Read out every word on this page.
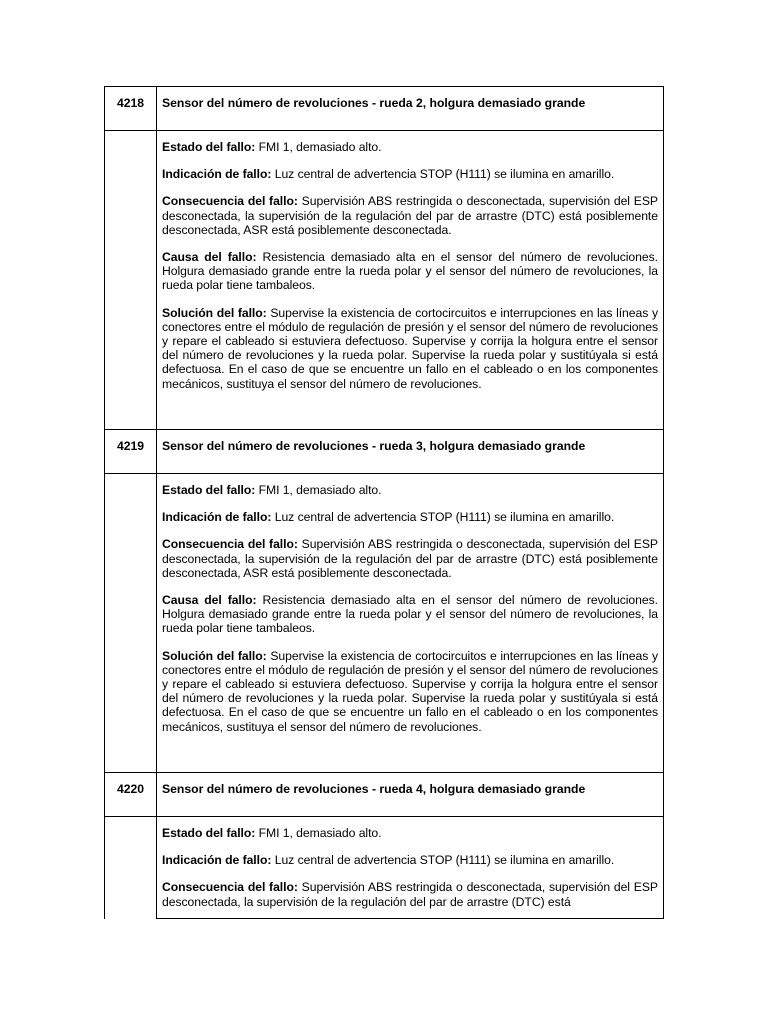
4218	Sensor del número de revoluciones - rueda 2, holgura demasiado grande

	Estado del fallo: FMI 1, demasiado alto.

Indicación de fallo: Luz central de advertencia STOP (H111) se ilumina en amarillo.

Consecuencia del fallo: Supervisión ABS restringida o desconectada, supervisión del ESP desconectada, la supervisión de la regulación del par de arrastre (DTC) está posiblemente desconectada, ASR está posiblemente desconectada.

Causa del fallo: Resistencia demasiado alta en el sensor del número de revoluciones. Holgura demasiado grande entre la rueda polar y el sensor del número de revoluciones, la rueda polar tiene tambaleos.

Solución del fallo: Supervise la existencia de cortocircuitos e interrupciones en las líneas y conectores entre el módulo de regulación de presión y el sensor del número de revoluciones y repare el cableado si estuviera defectuoso. Supervise y corrija la holgura entre el sensor del número de revoluciones y la rueda polar. Supervise la rueda polar y sustitúyala si está defectuosa. En el caso de que se encuentre un fallo en el cableado o en los componentes mecánicos, sustituya el sensor del número de revoluciones.

4219	Sensor del número de revoluciones - rueda 3, holgura demasiado grande

	Estado del fallo: FMI 1, demasiado alto.

Indicación de fallo: Luz central de advertencia STOP (H111) se ilumina en amarillo.

Consecuencia del fallo: Supervisión ABS restringida o desconectada, supervisión del ESP desconectada, la supervisión de la regulación del par de arrastre (DTC) está posiblemente desconectada, ASR está posiblemente desconectada.

Causa del fallo: Resistencia demasiado alta en el sensor del número de revoluciones. Holgura demasiado grande entre la rueda polar y el sensor del número de revoluciones, la rueda polar tiene tambaleos.

Solución del fallo: Supervise la existencia de cortocircuitos e interrupciones en las líneas y conectores entre el módulo de regulación de presión y el sensor del número de revoluciones y repare el cableado si estuviera defectuoso. Supervise y corrija la holgura entre el sensor del número de revoluciones y la rueda polar. Supervise la rueda polar y sustitúyala si está defectuosa. En el caso de que se encuentre un fallo en el cableado o en los componentes mecánicos, sustituya el sensor del número de revoluciones.

4220	Sensor del número de revoluciones - rueda 4, holgura demasiado grande

	Estado del fallo: FMI 1, demasiado alto.

Indicación de fallo: Luz central de advertencia STOP (H111) se ilumina en amarillo.

Consecuencia del fallo: Supervisión ABS restringida o desconectada, supervisión del ESP desconectada, la supervisión de la regulación del par de arrastre (DTC) está
